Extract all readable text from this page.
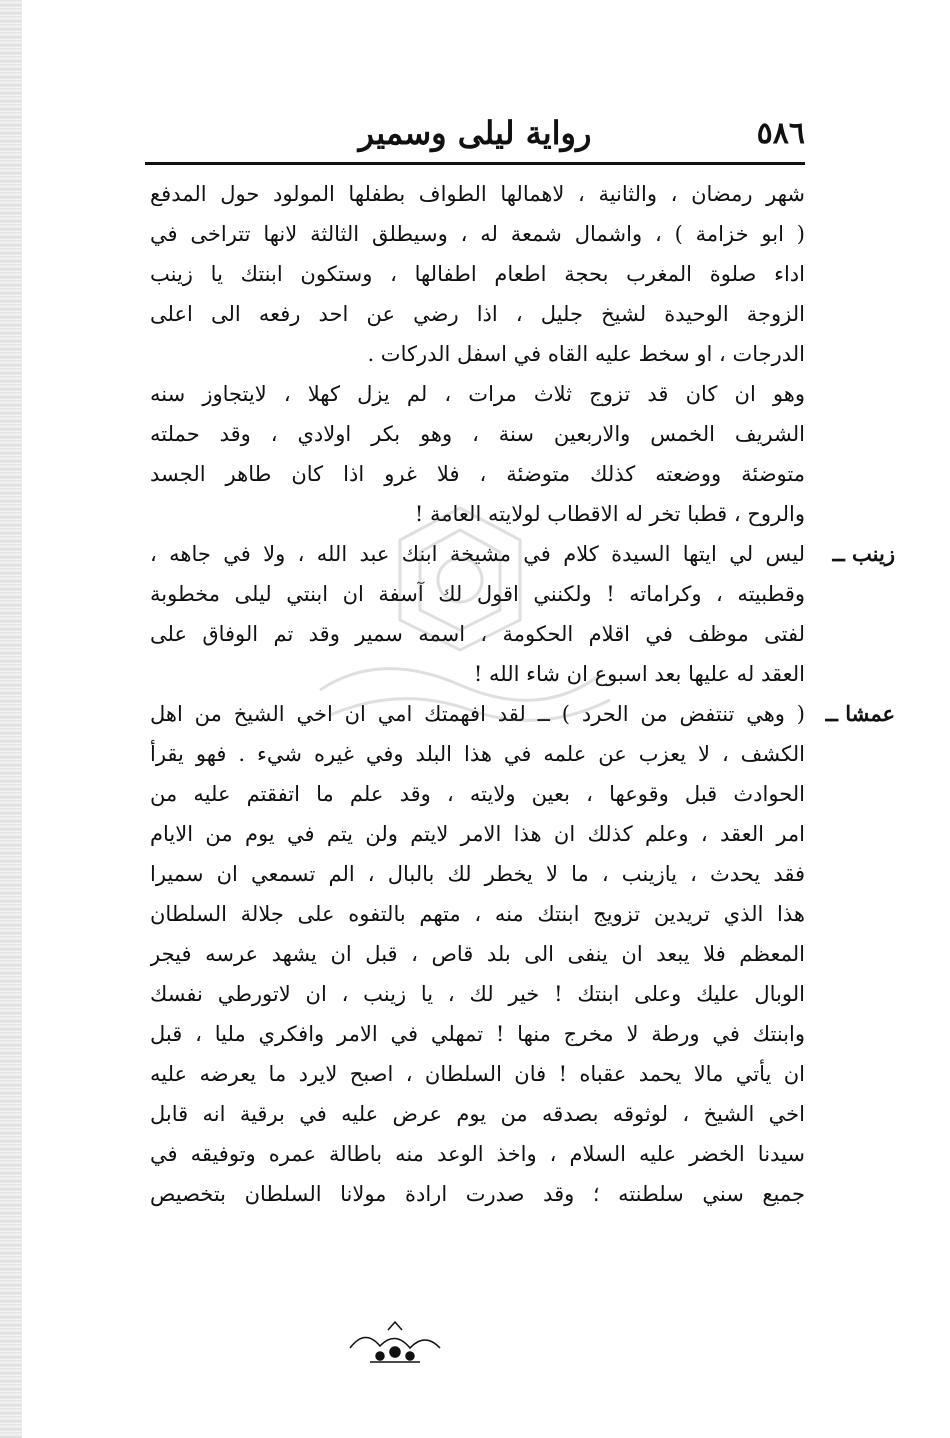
٥٨٦
رواية ليلى وسمير
شهر رمضان ، والثانية ، لاهمالها الطواف بطفلها المولود حول المدفع
( ابو خزامة ) ، واشمال شمعة له ، وسيطلق الثالثة لانها تتراخى في
اداء صلوة المغرب بحجة اطعام اطفالها ، وستكون ابنتك يا زينب
الزوجة الوحيدة لشيخ جليل ، اذا رضي عن احد رفعه الى اعلى
الدرجات ، او سخط عليه القاه في اسفل الدركات .
وهو ان كان قد تزوج ثلاث مرات ، لم يزل كهلا ، لايتجاوز سنه
الشريف الخمس والاربعين سنة ، وهو بكر اولادي ، وقد حملته
متوضئة ووضعته كذلك متوضئة ، فلا غرو اذا كان طاهر الجسد
والروح ، قطبا تخر له الاقطاب لولايته العامة !
زينب ــ
ليس لي ايتها السيدة كلام في مشيخة ابنك عبد الله ، ولا في جاهه ،
وقطبيته ، وكراماته ! ولكنني اقول لك آسفة ان ابنتي ليلى مخطوبة
لفتى موظف في اقلام الحكومة ، اسمه سمير وقد تم الوفاق على
العقد له عليها بعد اسبوع ان شاء الله !
عمشا ــ
( وهي تنتفض من الحرد ) ــ لقد افهمتك امي ان اخي الشيخ من اهل
الكشف ، لا يعزب عن علمه في هذا البلد وفي غيره شيء . فهو يقرأ
الحوادث قبل وقوعها ، بعين ولايته ، وقد علم ما اتفقتم عليه من
امر العقد ، وعلم كذلك ان هذا الامر لايتم ولن يتم في يوم من الايام
فقد يحدث ، يازينب ، ما لا يخطر لك بالبال ، الم تسمعي ان سميرا
هذا الذي تريدين تزويج ابنتك منه ، متهم بالتفوه على جلالة السلطان
المعظم فلا يبعد ان ينفى الى بلد قاص ، قبل ان يشهد عرسه فيجر
الوبال عليك وعلى ابنتك ! خير لك ، يا زينب ، ان لاتورطي نفسك
وابنتك في ورطة لا مخرج منها ! تمهلي في الامر وافكري مليا ، قبل
ان يأتي مالا يحمد عقباه ! فان السلطان ، اصبح لايرد ما يعرضه عليه
اخي الشيخ ، لوثوقه بصدقه من يوم عرض عليه في برقية انه قابل
سيدنا الخضر عليه السلام ، واخذ الوعد منه باطالة عمره وتوفيقه في
جميع سني سلطنته ؛ وقد صدرت ارادة مولانا السلطان بتخصيص
